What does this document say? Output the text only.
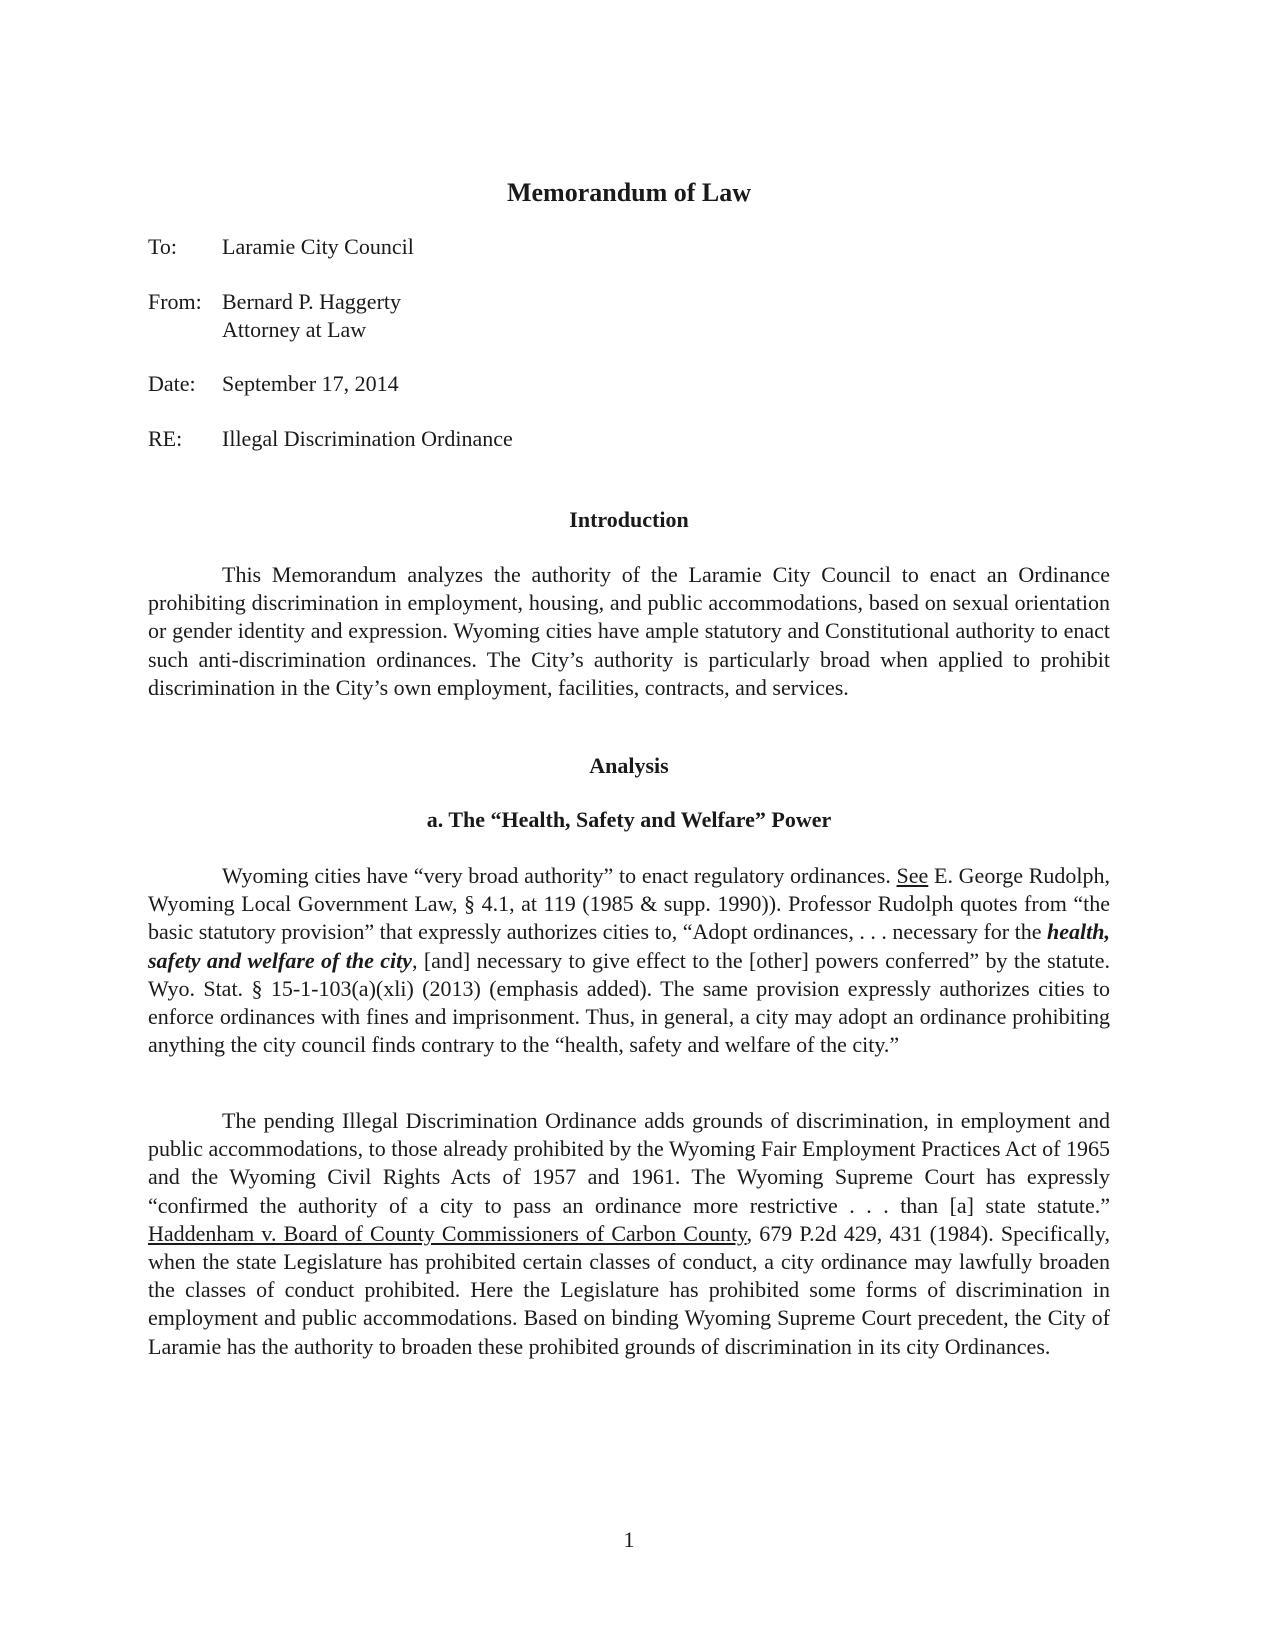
Memorandum of Law
To: Laramie City Council
From: Bernard P. Haggerty
Attorney at Law
Date: September 17, 2014
RE: Illegal Discrimination Ordinance
Introduction

This Memorandum analyzes the authority of the Laramie City Council to enact an Ordinance prohibiting discrimination in employment, housing, and public accommodations, based on sexual orientation or gender identity and expression. Wyoming cities have ample statutory and Constitutional authority to enact such anti-discrimination ordinances. The City’s authority is particularly broad when applied to prohibit discrimination in the City’s own employment, facilities, contracts, and services.

Analysis
a. The “Health, Safety and Welfare” Power

Wyoming cities have “very broad authority” to enact regulatory ordinances. See E. George Rudolph, Wyoming Local Government Law, § 4.1, at 119 (1985 & supp. 1990)). Professor Rudolph quotes from “the basic statutory provision” that expressly authorizes cities to, “Adopt ordinances, . . . necessary for the health, safety and welfare of the city, [and] necessary to give effect to the [other] powers conferred” by the statute. Wyo. Stat. § 15-1-103(a)(xli) (2013) (emphasis added). The same provision expressly authorizes cities to enforce ordinances with fines and imprisonment. Thus, in general, a city may adopt an ordinance prohibiting anything the city council finds contrary to the “health, safety and welfare of the city.”

The pending Illegal Discrimination Ordinance adds grounds of discrimination, in employment and public accommodations, to those already prohibited by the Wyoming Fair Employment Practices Act of 1965 and the Wyoming Civil Rights Acts of 1957 and 1961. The Wyoming Supreme Court has expressly “confirmed the authority of a city to pass an ordinance more restrictive . . . than [a] state statute.” Haddenham v. Board of County Commissioners of Carbon County, 679 P.2d 429, 431 (1984). Specifically, when the state Legislature has prohibited certain classes of conduct, a city ordinance may lawfully broaden the classes of conduct prohibited. Here the Legislature has prohibited some forms of discrimination in employment and public accommodations. Based on binding Wyoming Supreme Court precedent, the City of Laramie has the authority to broaden these prohibited grounds of discrimination in its city Ordinances.

1
